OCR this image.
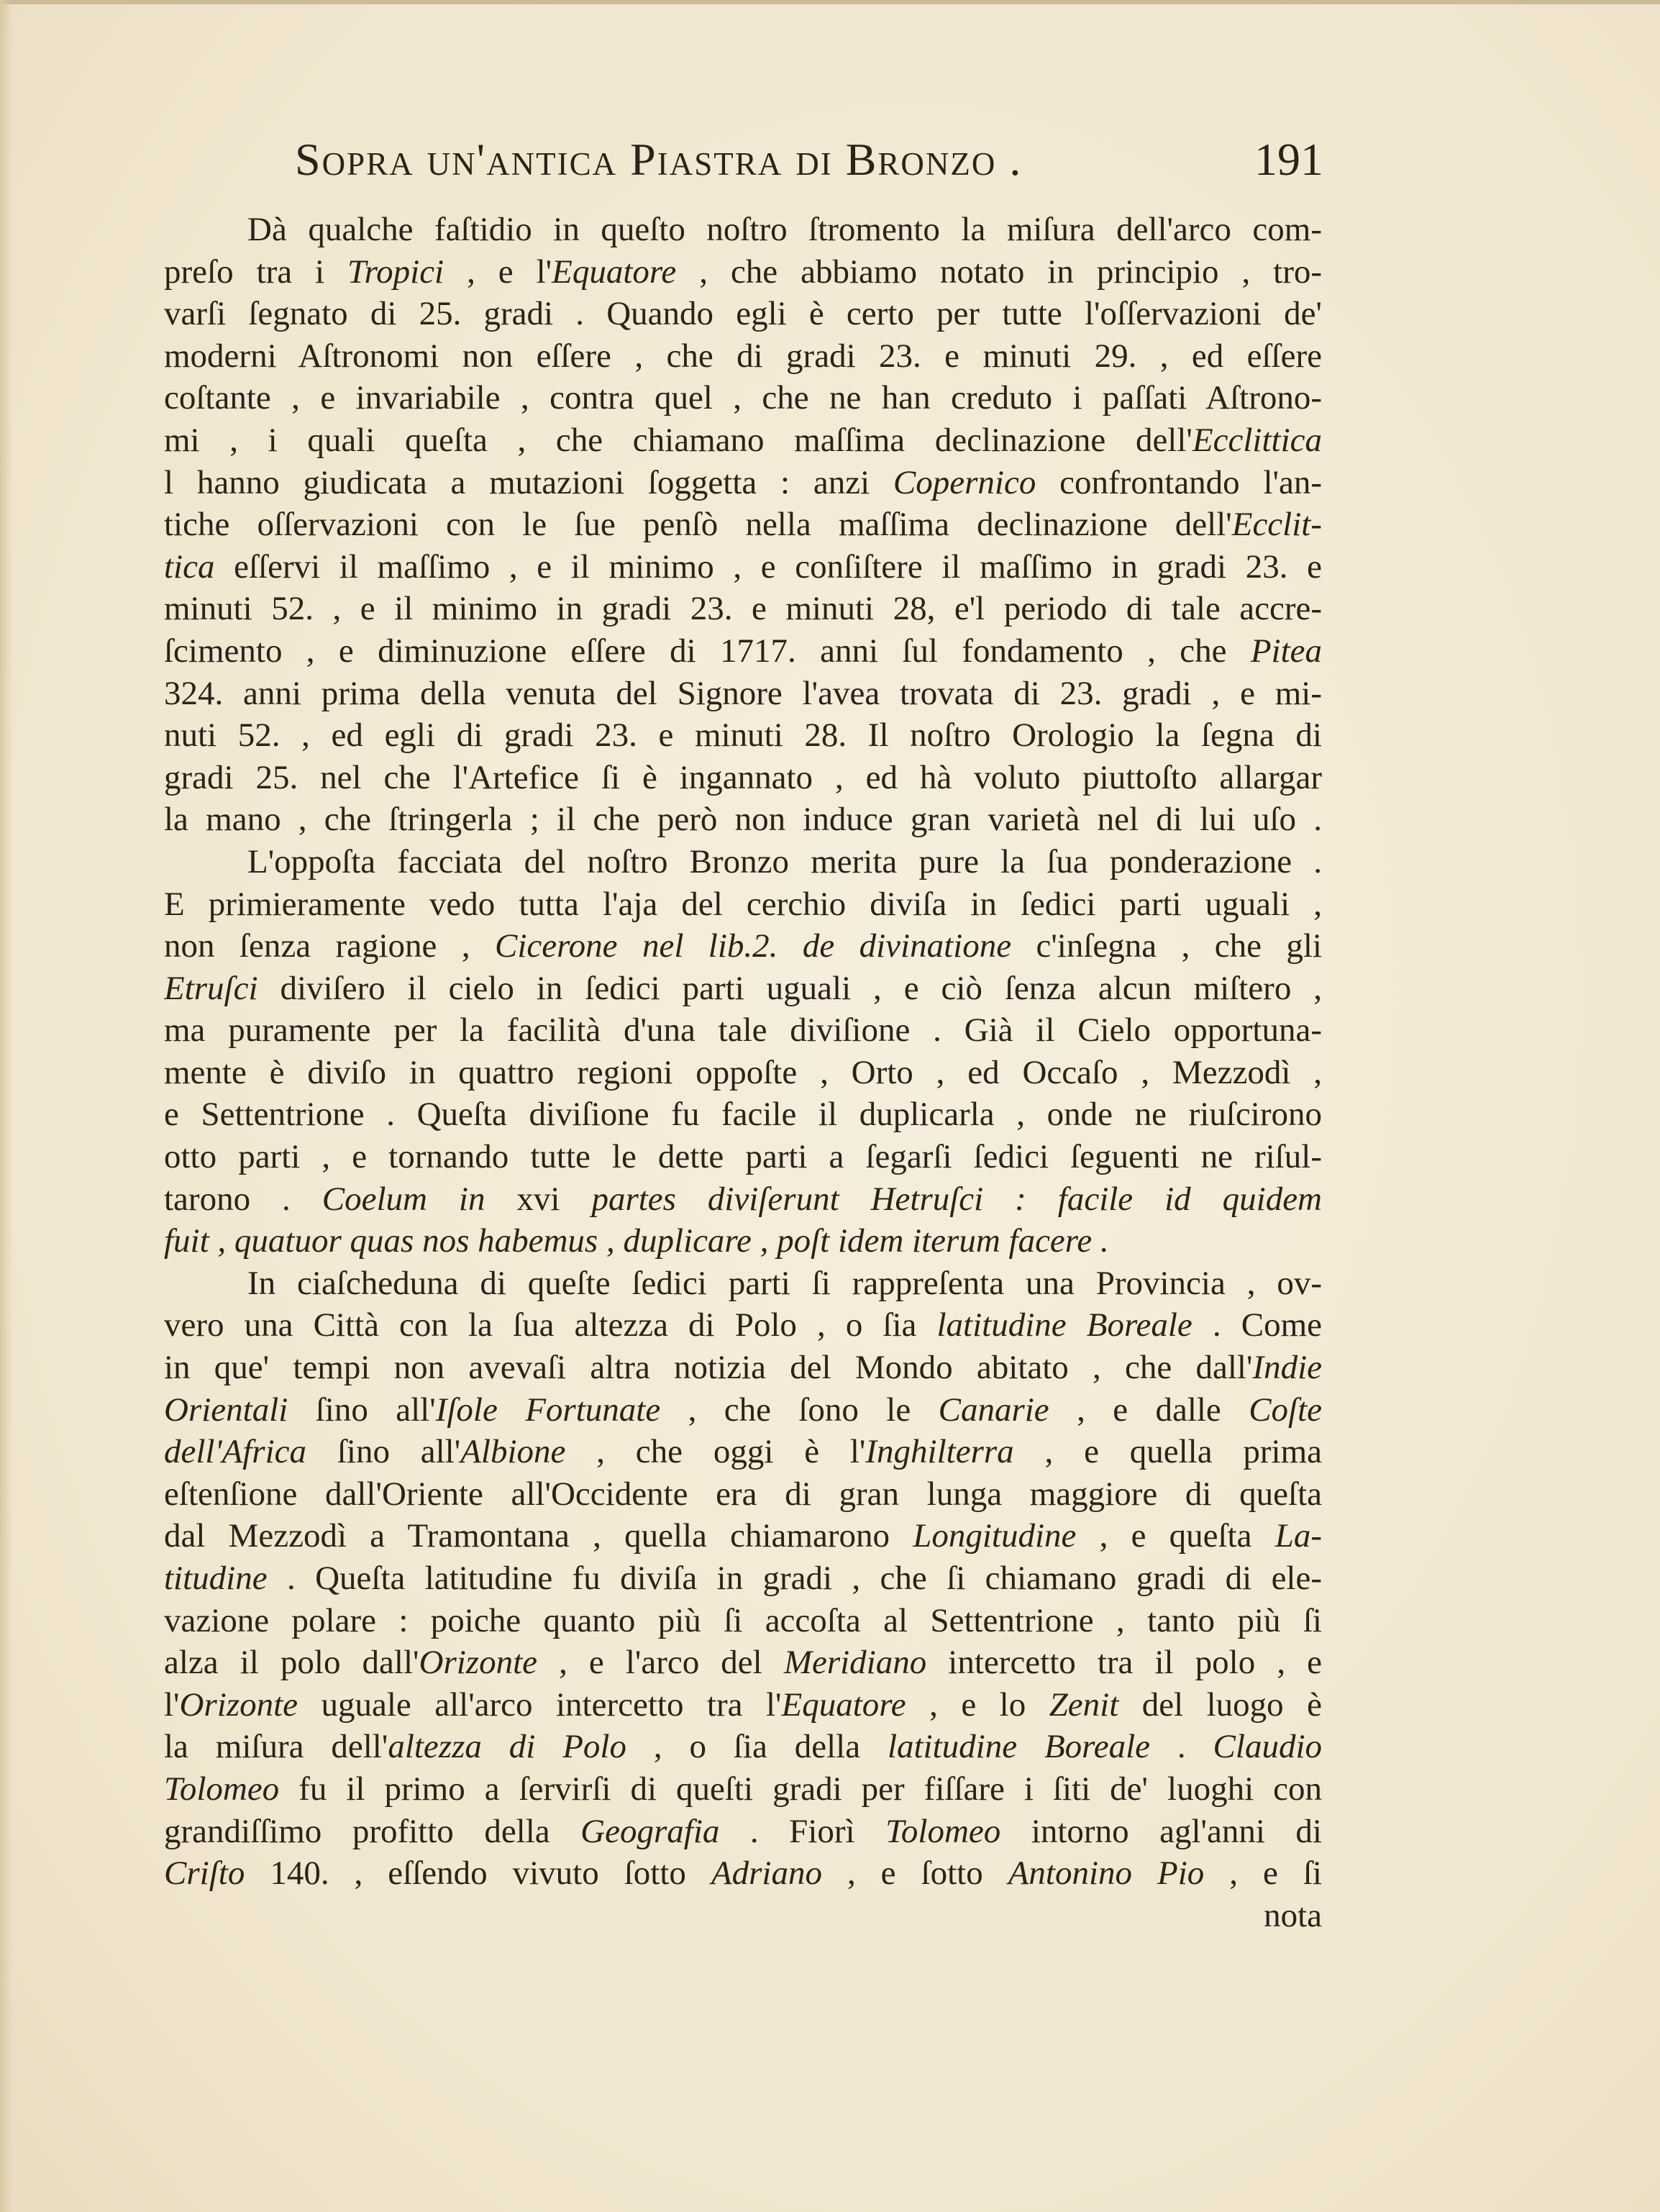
Sopra un'antica Piastra di Bronzo .	191
Dà qualche faſtidio in queſto noſtro ſtromento la miſura dell'arco com-
preſo tra i Tropici , e l'Equatore , che abbiamo notato in principio , tro-
varſi ſegnato di 25. gradi . Quando egli è certo per tutte l'oſſervazioni de'
moderni Aſtronomi non eſſere , che di gradi 23. e minuti 29. , ed eſſere
coſtante , e invariabile , contra quel , che ne han creduto i paſſati Aſtrono-
mi , i quali queſta , che chiamano maſſima declinazione dell'Ecclittica
l hanno giudicata a mutazioni ſoggetta : anzi Copernico confrontando l'an-
tiche oſſervazioni con le ſue penſò nella maſſima declinazione dell'Ecclit-
tica eſſervi il maſſimo , e il minimo , e conſiſtere il maſſimo in gradi 23. e
minuti 52. , e il minimo in gradi 23. e minuti 28, e'l periodo di tale accre-
ſcimento , e diminuzione eſſere di 1717. anni ſul fondamento , che Pitea
324. anni prima della venuta del Signore l'avea trovata di 23. gradi , e mi-
nuti 52. , ed egli di gradi 23. e minuti 28. Il noſtro Orologio la ſegna di
gradi 25. nel che l'Artefice ſi è ingannato , ed hà voluto piuttoſto allargar
la mano , che ſtringerla ; il che però non induce gran varietà nel di lui uſo .
L'oppoſta facciata del noſtro Bronzo merita pure la ſua ponderazione .
E primieramente vedo tutta l'aja del cerchio diviſa in ſedici parti uguali ,
non ſenza ragione , Cicerone nel lib.2. de divinatione c'inſegna , che gli
Etruſci diviſero il cielo in ſedici parti uguali , e ciò ſenza alcun miſtero ,
ma puramente per la facilità d'una tale diviſione . Già il Cielo opportuna-
mente è diviſo in quattro regioni oppoſte , Orto , ed Occaſo , Mezzodì ,
e Settentrione . Queſta diviſione fu facile il duplicarla , onde ne riuſcirono
otto parti , e tornando tutte le dette parti a ſegarſi ſedici ſeguenti ne riſul-
tarono . Coelum in xvi partes diviſerunt Hetruſci : facile id quidem
fuit , quatuor quas nos habemus , duplicare , poſt idem iterum facere .
In ciaſcheduna di queſte ſedici parti ſi rappreſenta una Provincia , ov-
vero una Città con la ſua altezza di Polo , o ſia latitudine Boreale . Come
in que' tempi non avevaſi altra notizia del Mondo abitato , che dall'Indie
Orientali ſino all'Iſole Fortunate , che ſono le Canarie , e dalle Coſte
dell'Africa ſino all'Albione , che oggi è l'Inghilterra , e quella prima
eſtenſione dall'Oriente all'Occidente era di gran lunga maggiore di queſta
dal Mezzodì a Tramontana , quella chiamarono Longitudine , e queſta La-
titudine . Queſta latitudine fu diviſa in gradi , che ſi chiamano gradi di ele-
vazione polare : poiche quanto più ſi accoſta al Settentrione , tanto più ſi
alza il polo dall'Orizonte , e l'arco del Meridiano intercetto tra il polo , e
l'Orizonte uguale all'arco intercetto tra l'Equatore , e lo Zenit del luogo è
la miſura dell'altezza di Polo , o ſia della latitudine Boreale . Claudio
Tolomeo fu il primo a ſervirſi di queſti gradi per fiſſare i ſiti de' luoghi con
grandiſſimo profitto della Geografia . Fiorì Tolomeo intorno agl'anni di
Criſto 140. , eſſendo vivuto ſotto Adriano , e ſotto Antonino Pio , e ſi
nota
